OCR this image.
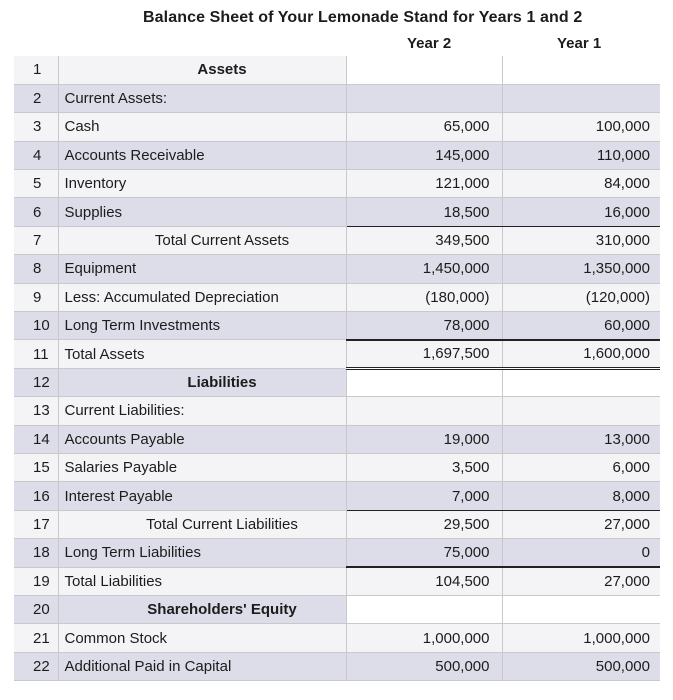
Balance Sheet of Your Lemonade Stand for Years 1 and 2
Year 2	Year 1
1	Assets		
2	Current Assets:		
3	Cash	65,000	100,000
4	Accounts Receivable	145,000	110,000
5	Inventory	121,000	84,000
6	Supplies	18,500	16,000
7	Total Current Assets	349,500	310,000
8	Equipment	1,450,000	1,350,000
9	Less: Accumulated Depreciation	(180,000)	(120,000)
10	Long Term Investments	78,000	60,000
11	Total Assets	1,697,500	1,600,000
12	Liabilities		
13	Current Liabilities:		
14	Accounts Payable	19,000	13,000
15	Salaries Payable	3,500	6,000
16	Interest Payable	7,000	8,000
17	Total Current Liabilities	29,500	27,000
18	Long Term Liabilities	75,000	0
19	Total Liabilities	104,500	27,000
20	Shareholders' Equity		
21	Common Stock	1,000,000	1,000,000
22	Additional Paid in Capital	500,000	500,000
